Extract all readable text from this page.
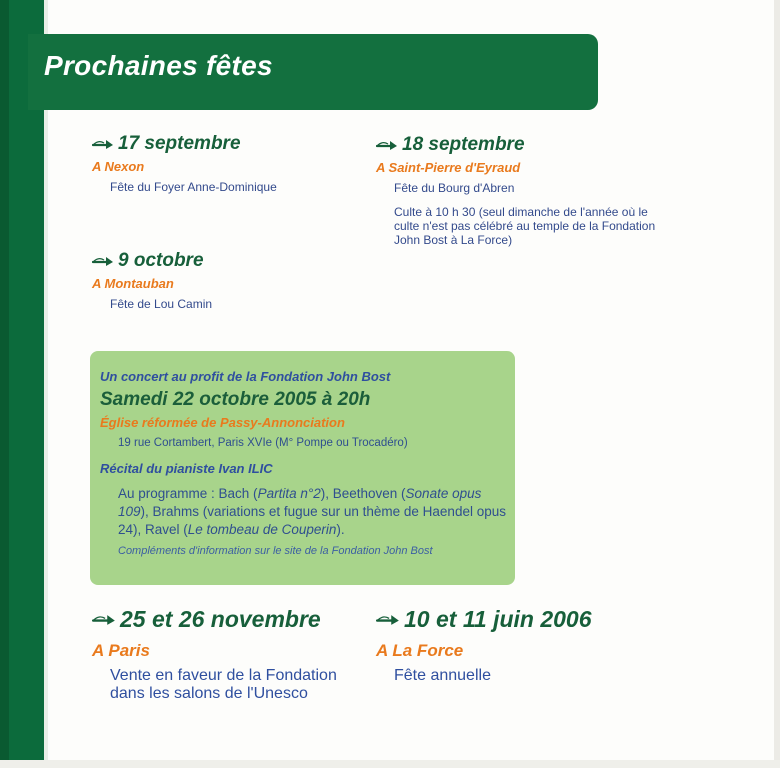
Prochaines fêtes

17 septembre

A Nexon

Fête du Foyer Anne-Dominique

18 septembre

A Saint-Pierre d'Eyraud

Fête du Bourg d'Abren

Culte à 10 h 30 (seul dimanche de l'année où le culte n'est pas célébré au temple de la Fondation John Bost à La Force)

9 octobre

A Montauban

Fête de Lou Camin

Un concert au profit de la Fondation John Bost

Samedi 22 octobre 2005 à 20h

Église réformée de Passy-Annonciation

19 rue Cortambert, Paris XVIe (M° Pompe ou Trocadéro)

Récital du pianiste Ivan ILIC

Au programme : Bach (Partita n°2), Beethoven (Sonate opus 109), Brahms (variations et fugue sur un thème de Haendel opus 24), Ravel (Le tombeau de Couperin).

Compléments d'information sur le site de la Fondation John Bost

25 et 26 novembre

A Paris

Vente en faveur de la Fondation dans les salons de l'Unesco

10 et 11 juin 2006

A La Force

Fête annuelle
